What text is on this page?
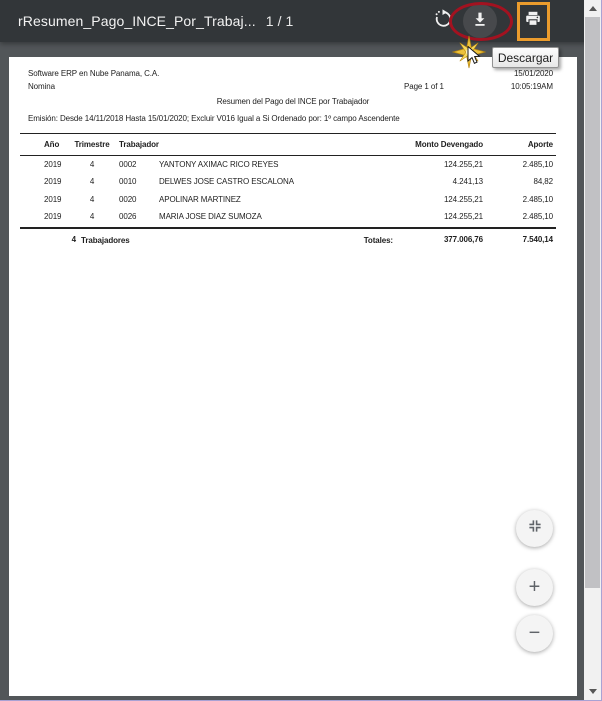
Software ERP en Nube Panama, C.A.	15/01/2020
Nomina	Page 1 of 1	10:05:19AM
Resumen del Pago del INCE por Trabajador
Emisión: Desde 14/11/2018 Hasta 15/01/2020; Excluir V016 Igual a Si Ordenado por: 1º campo Ascendente
Año	Trimestre	Trabajador	Monto Devengado	Aporte
2019	4	0002	YANTONY AXIMAC RICO REYES	124.255,21	2.485,10
2019	4	0010	DELWES JOSE CASTRO ESCALONA	4.241,13	84,82
2019	4	0020	APOLINAR MARTINEZ	124.255,21	2.485,10
2019	4	0026	MARIA JOSE DIAZ SUMOZA	124.255,21	2.485,10
4 Trabajadores	Totales:	377.006,76	7.540,14
rResumen_Pago_INCE_Por_Trabaj... 1 / 1
Descargar
+
−
